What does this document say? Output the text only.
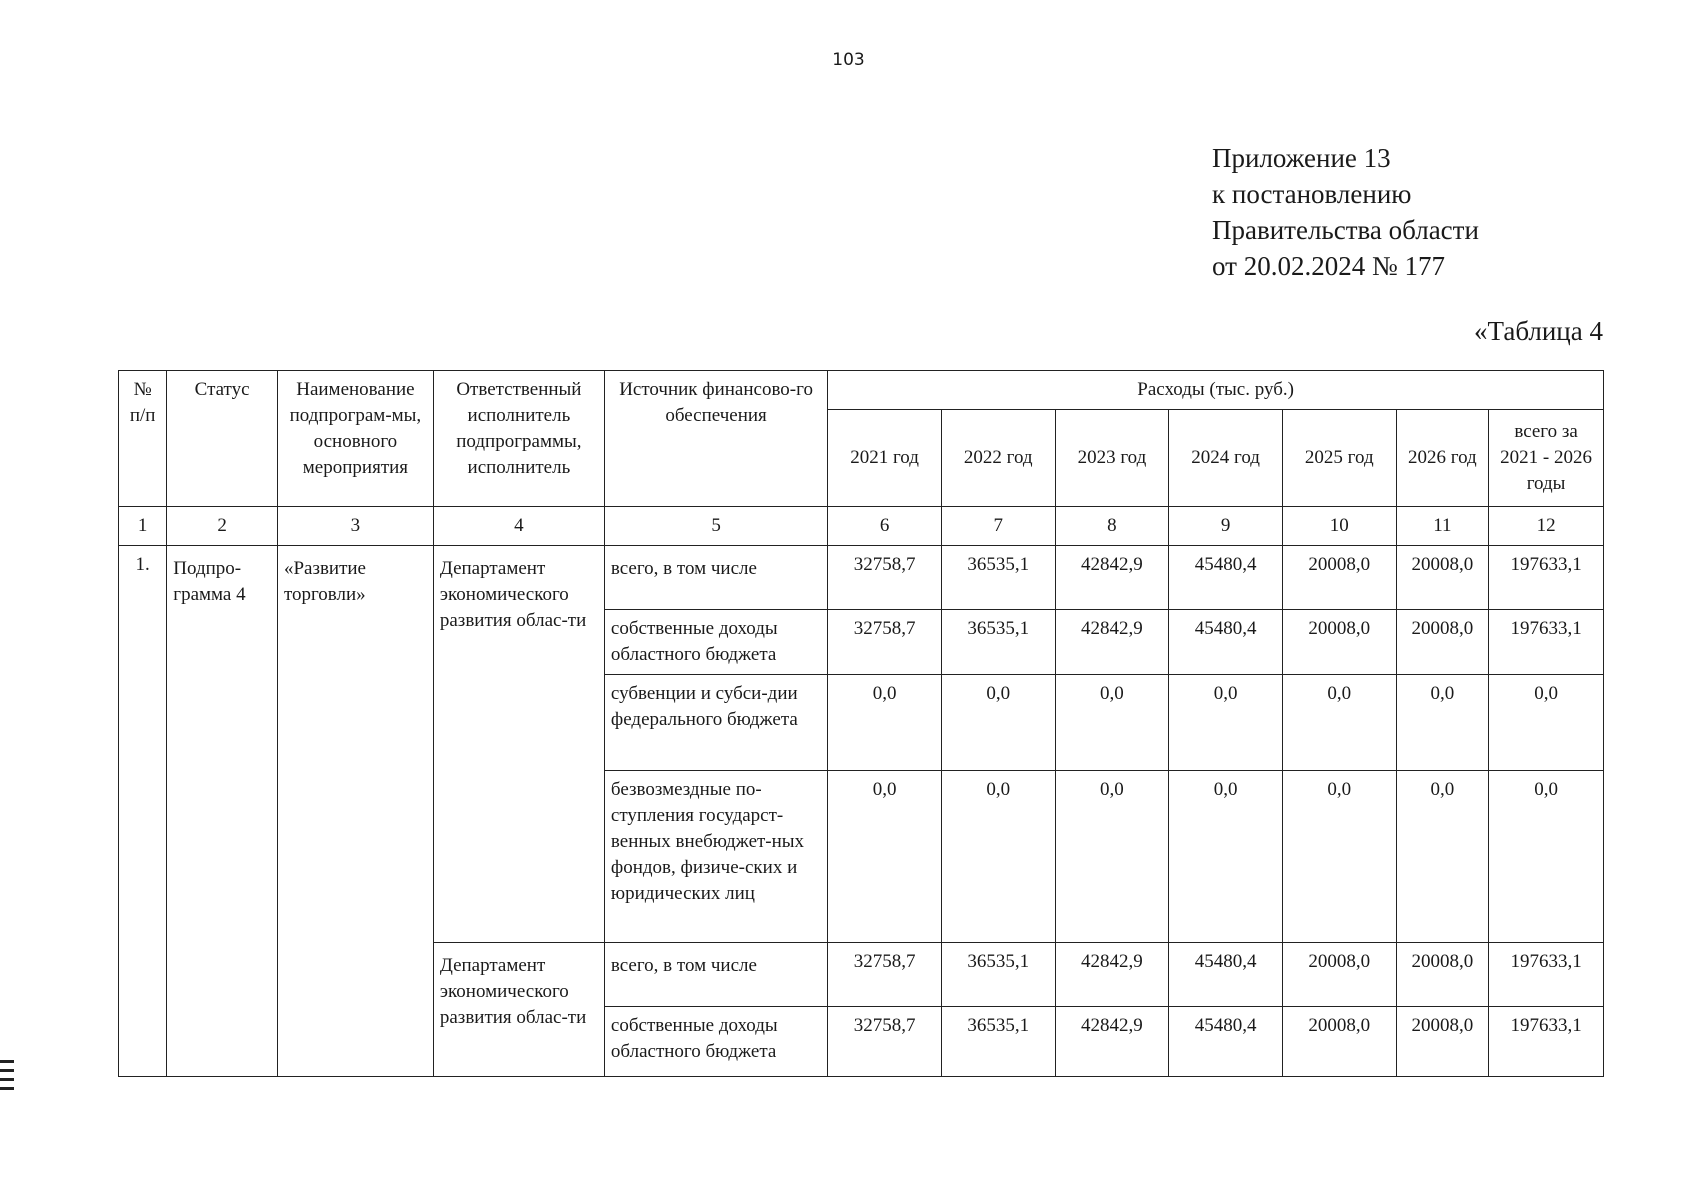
103
Приложение 13
к постановлению
Правительства области
от 20.02.2024 № 177
«Таблица 4
№ п/п	Статус	Наименование подпрограм-мы, основного мероприятия	Ответственный исполнитель подпрограммы, исполнитель	Источник финансово-го обеспечения	Расходы (тыс. руб.)						
					2021 год	2022 год	2023 год	2024 год	2025 год	2026 год	всего за 2021 - 2026 годы
1	2	3	4	5	6	7	8	9	10	11	12
1.	Подпро-грамма 4	«Развитие торговли»	Департамент экономического развития облас-ти	всего, в том числе	32758,7	36535,1	42842,9	45480,4	20008,0	20008,0	197633,1
				собственные доходы областного бюджета	32758,7	36535,1	42842,9	45480,4	20008,0	20008,0	197633,1
				субвенции и субси-дии федерального бюджета	0,0	0,0	0,0	0,0	0,0	0,0	0,0
				безвозмездные по-ступления государст-венных внебюджет-ных фондов, физиче-ских и юридических лиц	0,0	0,0	0,0	0,0	0,0	0,0	0,0
			Департамент экономического развития облас-ти	всего, в том числе	32758,7	36535,1	42842,9	45480,4	20008,0	20008,0	197633,1
				собственные доходы областного бюджета	32758,7	36535,1	42842,9	45480,4	20008,0	20008,0	197633,1
